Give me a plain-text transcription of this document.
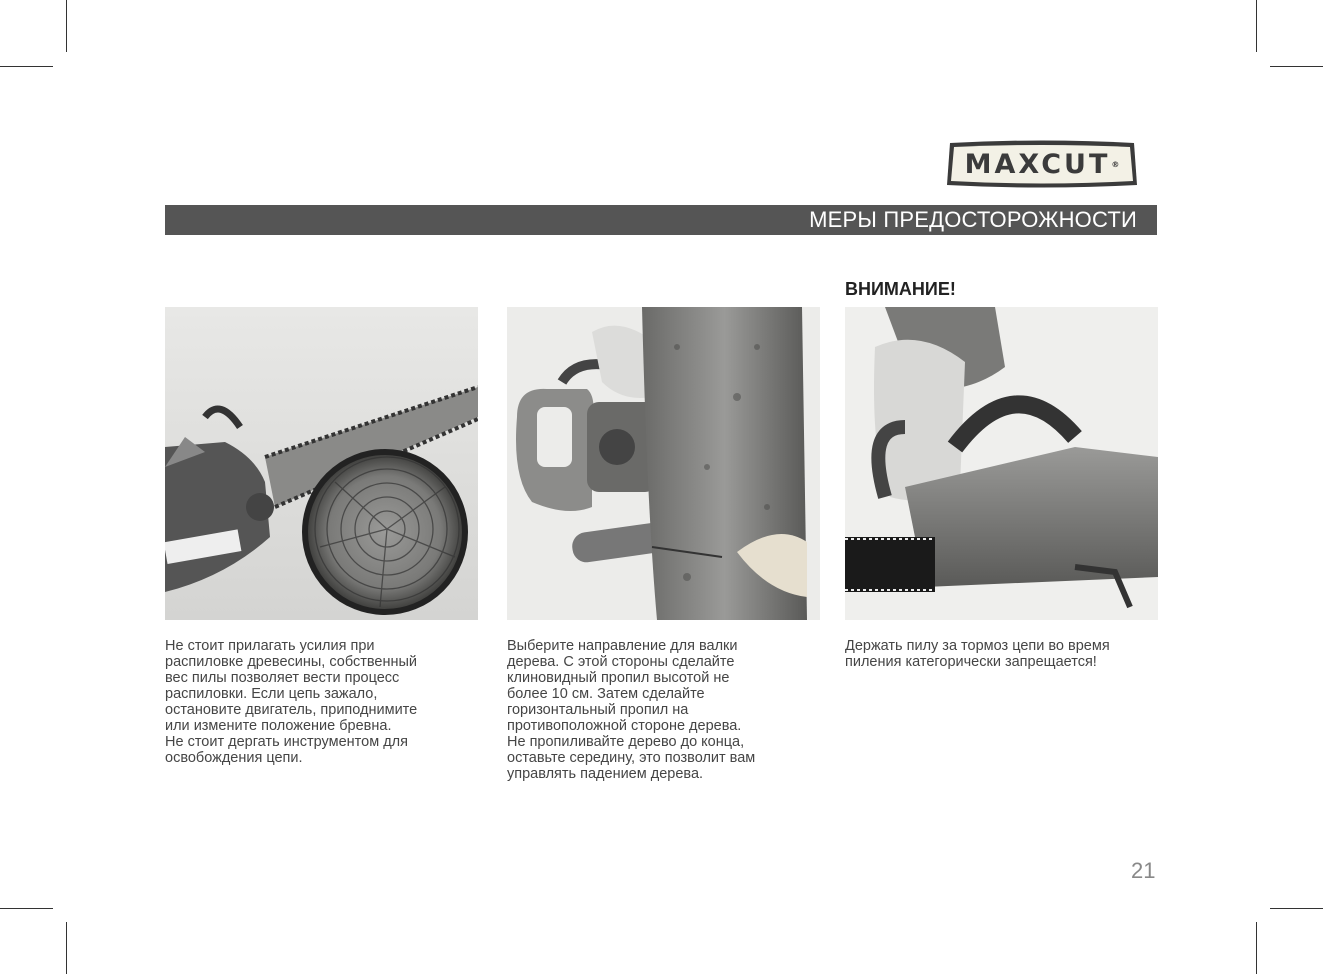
MAXCUT ®
МЕРЫ ПРЕДОСТОРОЖНОСТИ
ВНИМАНИЕ!

Не стоит прилагать усилия при

распиловке древесины, собственный

вес пилы позволяет вести процесс

распиловки. Если цепь зажало,

остановите двигатель, приподнимите

или измените положение бревна.

Не стоит дергать инструментом для

освобождения цепи.

Выберите направление для валки

дерева. С этой стороны сделайте

клиновидный пропил высотой не

более 10 см. Затем сделайте

горизонтальный пропил на

противоположной стороне дерева.

Не пропиливайте дерево до конца,

оставьте середину, это позволит вам

управлять падением дерева.

Держать пилу за тормоз цепи во время

пиления категорически запрещается!

21
